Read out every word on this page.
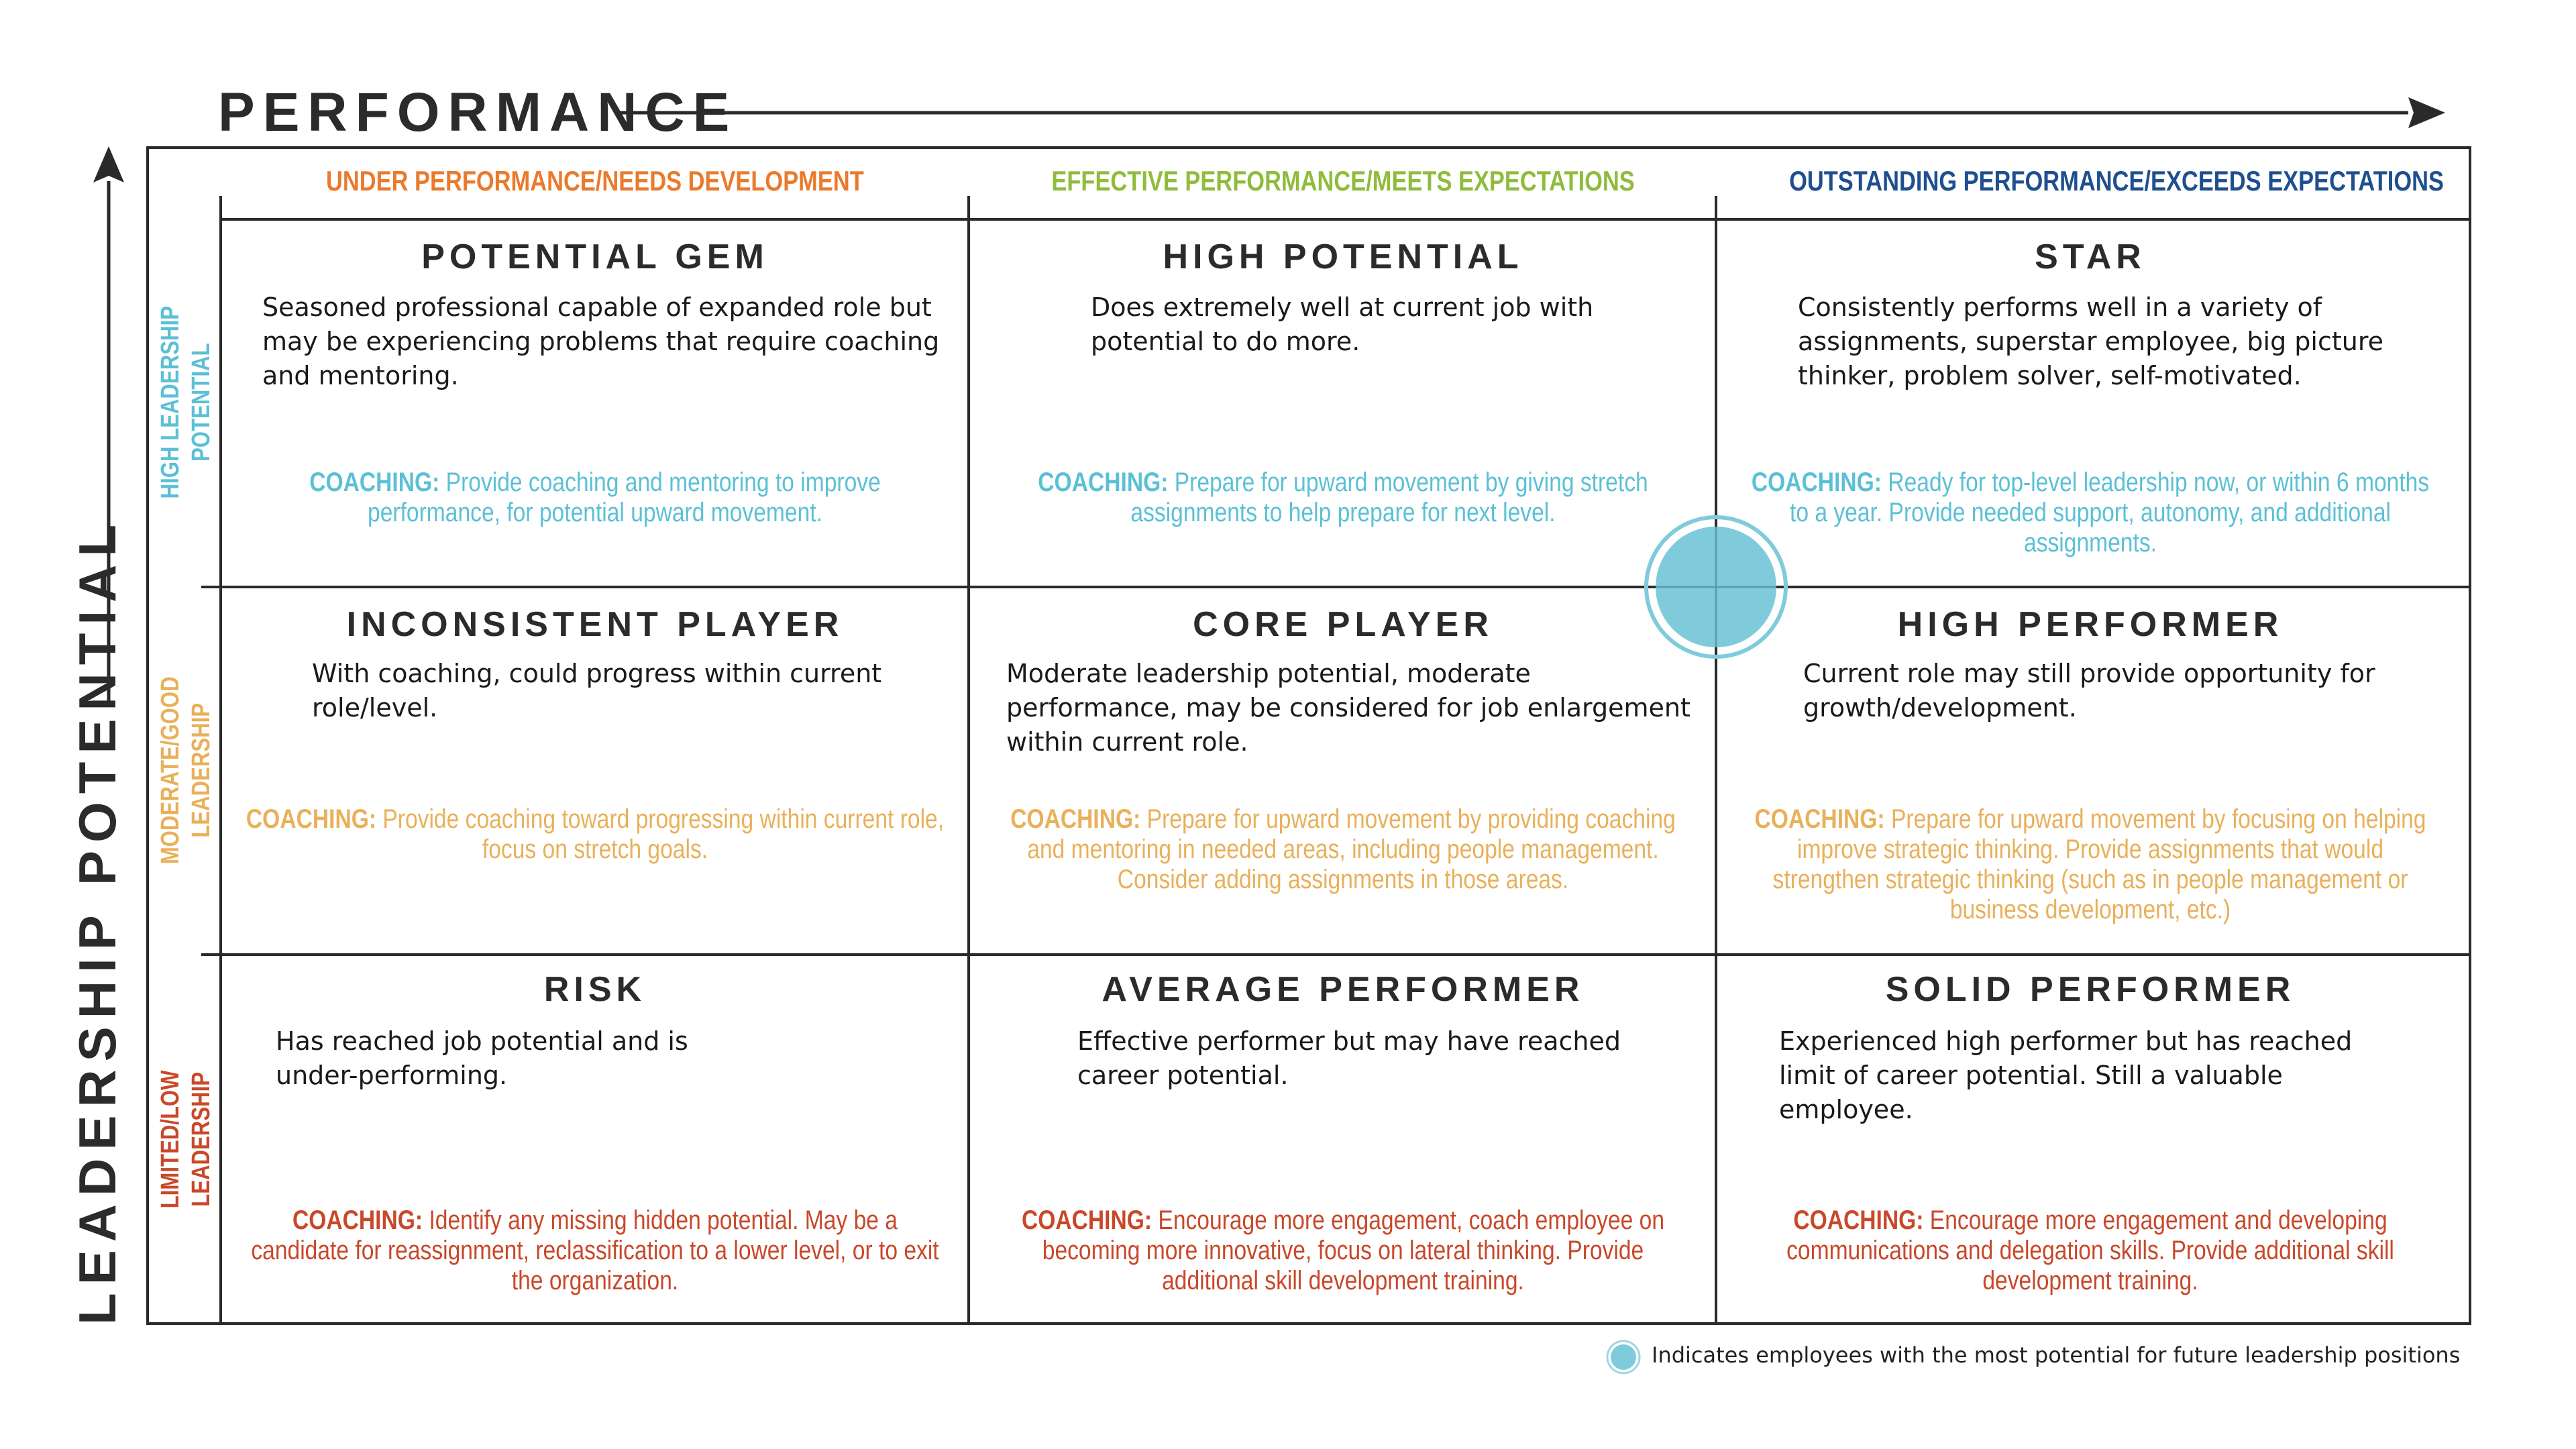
PERFORMANCE
LEADERSHIP POTENTIAL
UNDER PERFORMANCE/NEEDS DEVELOPMENT	EFFECTIVE PERFORMANCE/MEETS EXPECTATIONS	OUTSTANDING PERFORMANCE/EXCEEDS EXPECTATIONS
HIGH LEADERSHIP POTENTIAL
MODERATE/GOOD LEADERSHIP
LIMITED/LOW LEADERSHIP
POTENTIAL GEM
Seasoned professional capable of expanded role but may be experiencing problems that require coaching and mentoring.
COACHING: Provide coaching and mentoring to improve performance, for potential upward movement.
HIGH POTENTIAL
Does extremely well at current job with potential to do more.
COACHING: Prepare for upward movement by giving stretch assignments to help prepare for next level.
STAR
Consistently performs well in a variety of assignments, superstar employee, big picture thinker, problem solver, self-motivated.
COACHING: Ready for top-level leadership now, or within 6 months to a year. Provide needed support, autonomy, and additional assignments.
INCONSISTENT PLAYER
With coaching, could progress within current role/level.
COACHING: Provide coaching toward progressing within current role, focus on stretch goals.
CORE PLAYER
Moderate leadership potential, moderate performance, may be considered for job enlargement within current role.
COACHING: Prepare for upward movement by providing coaching and mentoring in needed areas, including people management. Consider adding assignments in those areas.
HIGH PERFORMER
Current role may still provide opportunity for growth/development.
COACHING: Prepare for upward movement by focusing on helping improve strategic thinking. Provide assignments that would strengthen strategic thinking (such as in people management or business development, etc.)
RISK
Has reached job potential and is under-performing.
COACHING: Identify any missing hidden potential. May be a candidate for reassignment, reclassification to a lower level, or to exit the organization.
AVERAGE PERFORMER
Effective performer but may have reached career potential.
COACHING: Encourage more engagement, coach employee on becoming more innovative, focus on lateral thinking. Provide additional skill development training.
SOLID PERFORMER
Experienced high performer but has reached limit of career potential. Still a valuable employee.
COACHING: Encourage more engagement and developing communications and delegation skills. Provide additional skill development training.
Indicates employees with the most potential for future leadership positions
